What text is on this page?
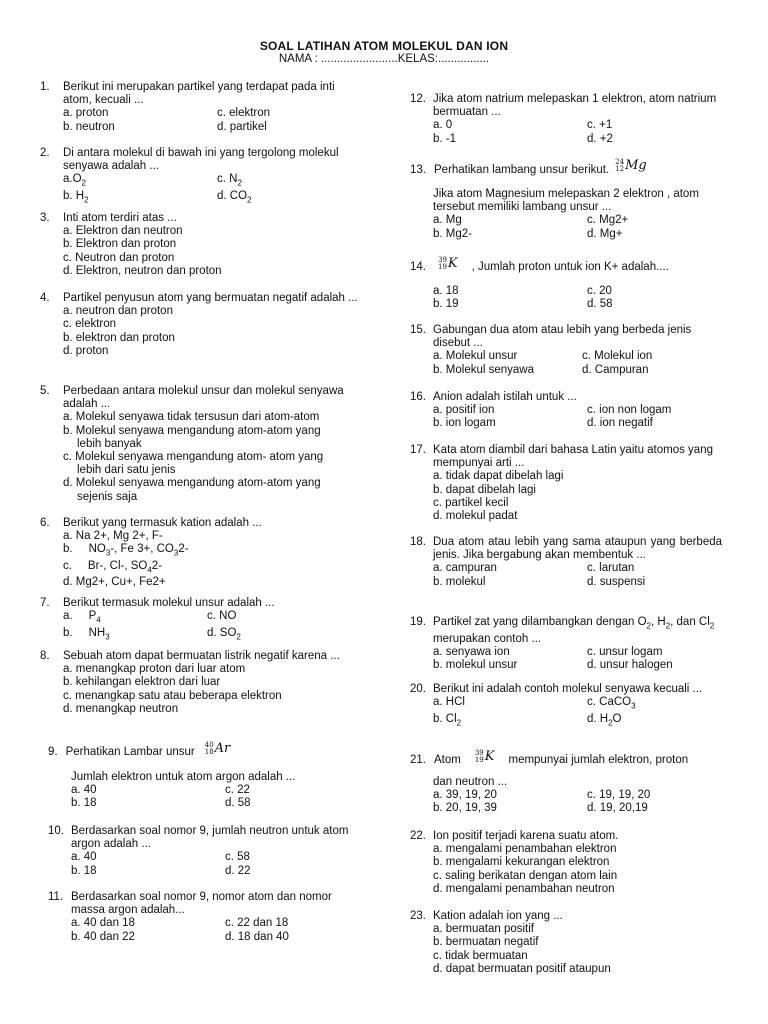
SOAL LATIHAN ATOM MOLEKUL DAN ION
NAMA : ........................KELAS:................
1.	Berikut ini merupakan partikel yang terdapat pada inti atom, kecuali ...
a. proton	c. elektron
b. neutron	d. partikel
2.	Di antara molekul di bawah ini yang tergolong molekul senyawa adalah ...
$a.O_2$	c. $N_2$
b. $H_2$	d. $CO_2$
3.	Inti atom terdiri atas ...
a. Elektron dan neutron
b. Elektron dan proton
c. Neutron dan proton
d. Elektron, neutron dan proton
4.	Partikel penyusun atom yang bermuatan negatif adalah ...
a. neutron dan proton
c. elektron
b. elektron dan proton
d. proton
5.	Perbedaan antara molekul unsur dan molekul senyawa adalah ...
a. Molekul senyawa tidak tersusun dari atom-atom
b. Molekul senyawa mengandung atom-atom yang
lebih banyak
c. Molekul senyawa mengandung atom- atom yang
lebih dari satu jenis
d. Molekul senyawa mengandung atom-atom yang
sejenis saja
6.	Berikut yang termasuk kation adalah ...
a. Na 2+, Mg 2+, F-
b.     $NO_3-$, Fe 3+, $CO_32-$
c.     Br-, Cl-, $SO_42-$
d. Mg2+, Cu+, Fe2+
7.	Berikut termasuk molekul unsur adalah ...
a.     $P_4$	c. NO
b.     $NH_3$	d. $SO_2$
8.	Sebuah atom dapat bermuatan listrik negatif karena ...
a. menangkap proton dari luar atom
b. kehilangan elektron dari luar
c. menangkap satu atau beberapa elektron
d. menangkap neutron
9. Perhatikan Lambar unsur
40
18 Ar
Jumlah elektron untuk atom argon adalah ...
a. 40	c. 22
b. 18	d. 58
10. Berdasarkan soal nomor 9, jumlah neutron untuk atom argon adalah ...
a. 40	c. 58
b. 18	d. 22
11. Berdasarkan soal nomor 9, nomor atom dan nomor massa argon adalah...
a. 40 dan 18	c. 22 dan 18
b. 40 dan 22	d. 18 dan 40
12. Jika atom natrium melepaskan 1 elektron, atom natrium bermuatan ...
a. 0	c. +1
b. -1	d. +2
13. Perhatikan lambang unsur berikut.
24
12 Mg
Jika atom Magnesium melepaskan 2 elektron , atom tersebut memiliki lambang unsur ...
a. Mg	c. Mg2+
b. Mg2-	d. Mg+
14.
39
19 K , Jumlah proton untuk ion K+ adalah....
a. 18	c. 20
b. 19	d. 58
15. Gabungan dua atom atau lebih yang berbeda jenis disebut ...
a. Molekul unsur	c. Molekul ion
b. Molekul senyawa	d. Campuran
16. Anion adalah istilah untuk ...
a. positif ion	c. ion non logam
b. ion logam	d. ion negatif
17. Kata atom diambil dari bahasa Latin yaitu atomos yang mempunyai arti ...
a. tidak dapat dibelah lagi
b. dapat dibelah lagi
c. partikel kecil
d. molekul padat
18. Dua atom atau lebih yang sama ataupun yang berbeda jenis. Jika bergabung akan membentuk ...
a. campuran	c. larutan
b. molekul	d. suspensi
19. Partikel zat yang dilambangkan dengan $O_2$, $H_2$, dan $Cl_2$ merupakan contoh ...
a. senyawa ion	c. unsur logam
b. molekul unsur	d. unsur halogen
20. Berikut ini adalah contoh molekul senyawa kecuali ...
a. HCl	c. CaCO$_3$
b. $Cl_2$	d. $H_2O$
21. Atom
39
19 K mempunyai jumlah elektron, proton
dan neutron ...
a. 39, 19, 20	c. 19, 19, 20
b. 20, 19, 39	d. 19, 20,19
22. Ion positif terjadi karena suatu atom.
a. mengalami penambahan elektron
b. mengalami kekurangan elektron
c. saling berikatan dengan atom lain
d. mengalami penambahan neutron
23. Kation adalah ion yang ...
a. bermuatan positif
b. bermuatan negatif
c. tidak bermuatan
d. dapat bermuatan positif ataupun
